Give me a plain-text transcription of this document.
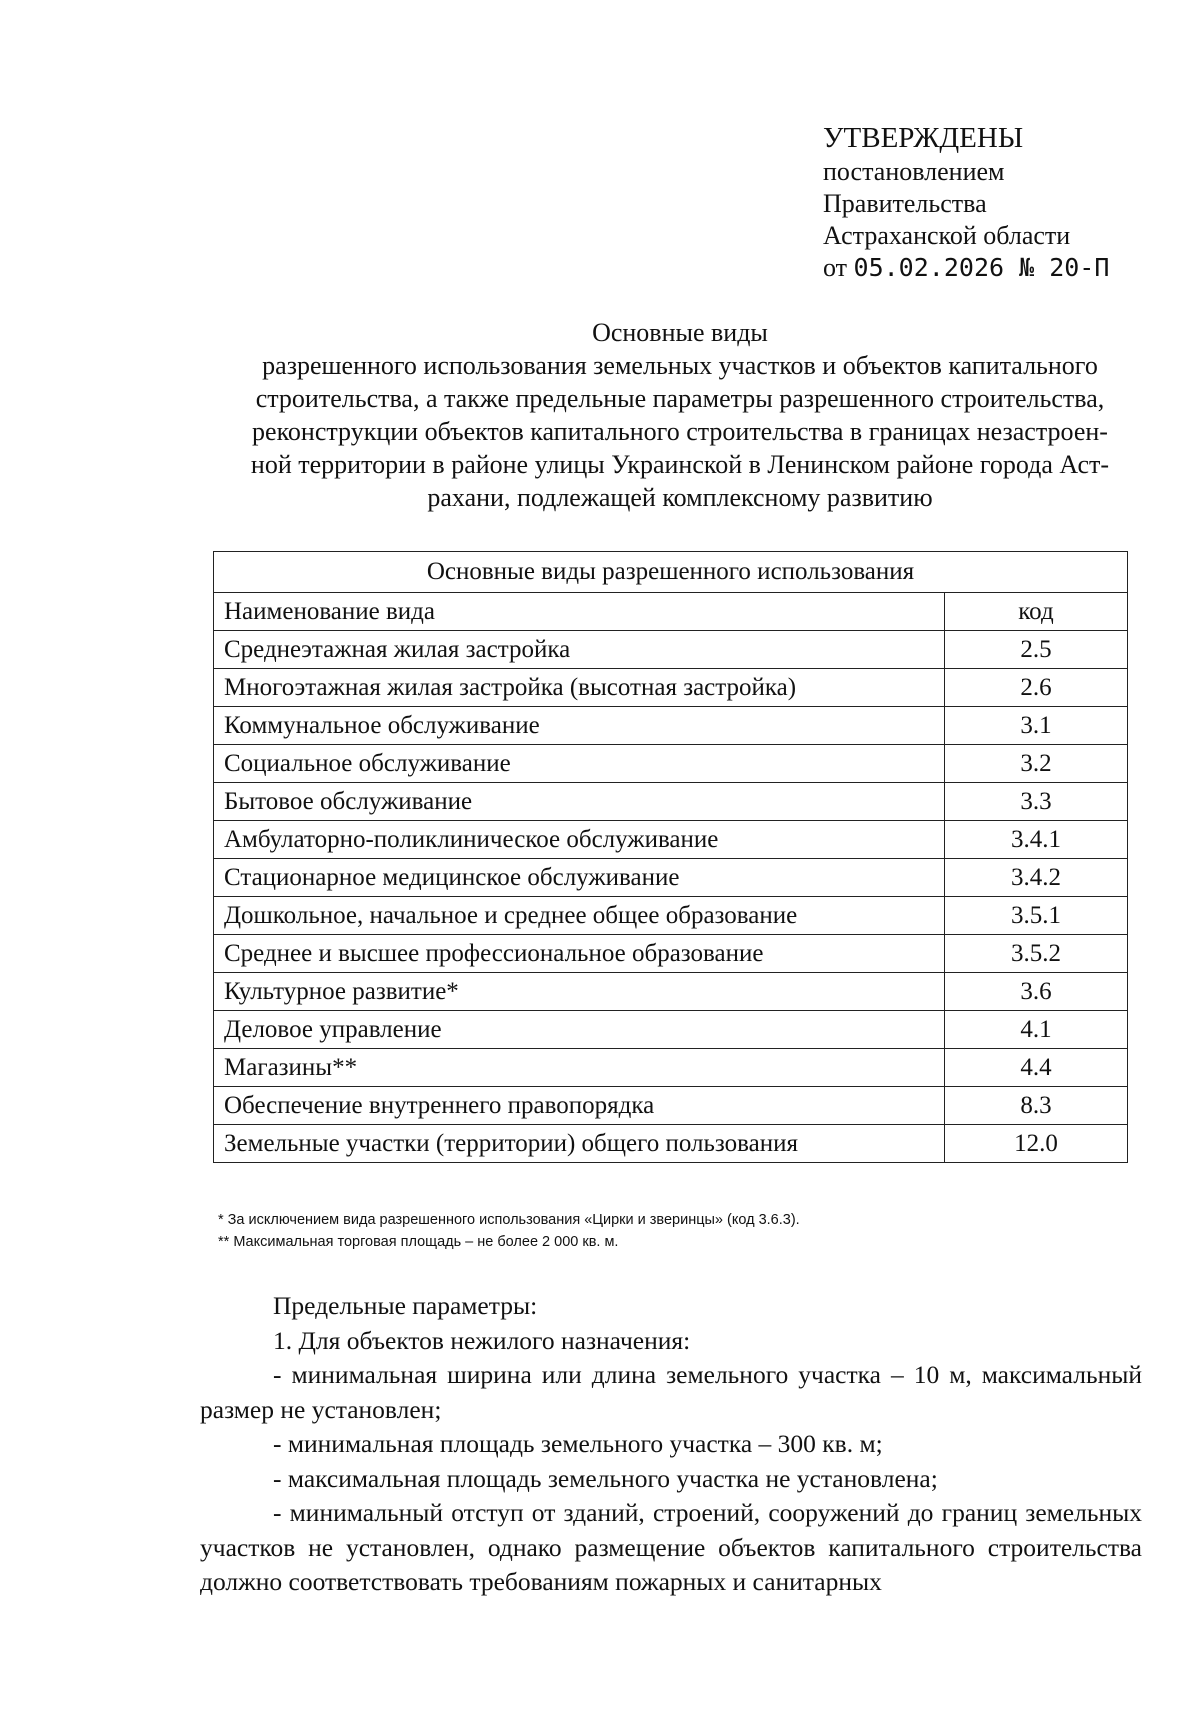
УТВЕРЖДЕНЫ
постановлением
Правительства
Астраханской области
от 05.02.2026 № 20-П
Основные виды
разрешенного использования земельных участков и объектов капитального
строительства, а также предельные параметры разрешенного строительства,
реконструкции объектов капитального строительства в границах незастроен-
ной территории в районе улицы Украинской в Ленинском районе города Аст-
рахани, подлежащей комплексному развитию
Основные виды разрешенного использования	
Наименование вида	код
Среднеэтажная жилая застройка	2.5
Многоэтажная жилая застройка (высотная застройка)	2.6
Коммунальное обслуживание	3.1
Социальное обслуживание	3.2
Бытовое обслуживание	3.3
Амбулаторно-поликлиническое обслуживание	3.4.1
Стационарное медицинское обслуживание	3.4.2
Дошкольное, начальное и среднее общее образование	3.5.1
Среднее и высшее профессиональное образование	3.5.2
Культурное развитие*	3.6
Деловое управление	4.1
Магазины**	4.4
Обеспечение внутреннего правопорядка	8.3
Земельные участки (территории) общего пользования	12.0
* За исключением вида разрешенного использования «Цирки и зверинцы» (код 3.6.3).
** Максимальная торговая площадь – не более 2 000 кв. м.

Предельные параметры:

1. Для объектов нежилого назначения:

- минимальная ширина или длина земельного участка – 10 м, максимальный размер не установлен;

- минимальная площадь земельного участка – 300 кв. м;

- максимальная площадь земельного участка не установлена;

- минимальный отступ от зданий, строений, сооружений до границ земельных участков не установлен, однако размещение объектов капитального строительства должно соответствовать требованиям пожарных и санитарных
